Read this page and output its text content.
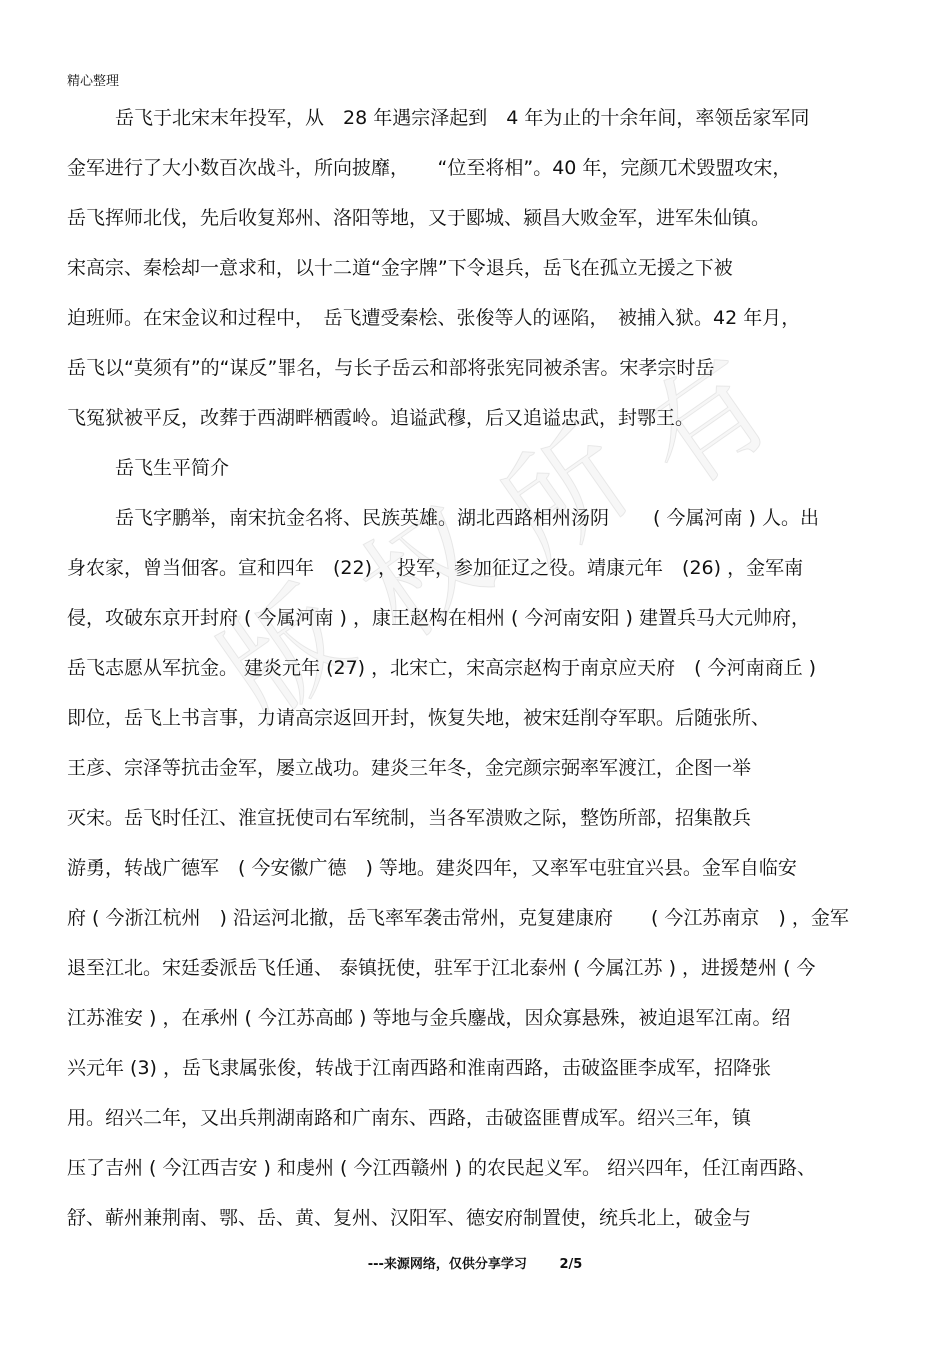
精心整理
版
权
所
有
岳飞于北宋末年投军，从　28 年遇宗泽起到　4 年为止的十余年间，率领岳家军同
金军进行了大小数百次战斗，所向披靡，　　“位至将相”。40 年，完颜兀术毁盟攻宋，
岳飞挥师北伐，先后收复郑州、洛阳等地，又于郾城、颍昌大败金军，进军朱仙镇。
宋高宗、秦桧却一意求和，以十二道“金字牌”下令退兵，岳飞在孤立无援之下被
迫班师。在宋金议和过程中，　岳飞遭受秦桧、张俊等人的诬陷，　被捕入狱。42 年月，
岳飞以“莫须有”的“谋反”罪名，与长子岳云和部将张宪同被杀害。宋孝宗时岳
飞冤狱被平反，改葬于西湖畔栖霞岭。追谥武穆，后又追谥忠武，封鄂王。
岳飞生平简介
岳飞字鹏举，南宋抗金名将、民族英雄。湖北西路相州汤阴　　 ( 今属河南 ) 人。出
身农家，曾当佃客。宣和四年　(22) ，投军，参加征辽之役。靖康元年　(26) ，金军南
侵，攻破东京开封府 ( 今属河南 ) ，康王赵构在相州 ( 今河南安阳 ) 建置兵马大元帅府，
岳飞志愿从军抗金。 建炎元年 (27) ，北宋亡，宋高宗赵构于南京应天府　( 今河南商丘 )
即位，岳飞上书言事，力请高宗返回开封，恢复失地，被宋廷削夺军职。后随张所、
王彦、宗泽等抗击金军，屡立战功。建炎三年冬，金完颜宗弼率军渡江，企图一举
灭宋。岳飞时任江、淮宣抚使司右军统制，当各军溃败之际，整饬所部，招集散兵
游勇，转战广德军　( 今安徽广德　) 等地。建炎四年，又率军屯驻宜兴县。金军自临安
府 ( 今浙江杭州　) 沿运河北撤，岳飞率军袭击常州，克复建康府　　( 今江苏南京　) ，金军
退至江北。宋廷委派岳飞任通、 泰镇抚使，驻军于江北泰州 ( 今属江苏 ) ，进援楚州 ( 今
江苏淮安 ) ，在承州 ( 今江苏高邮 ) 等地与金兵鏖战，因众寡悬殊，被迫退军江南。绍
兴元年 (3) ，岳飞隶属张俊，转战于江南西路和淮南西路，击破盗匪李成军，招降张
用。绍兴二年，又出兵荆湖南路和广南东、西路，击破盗匪曹成军。绍兴三年，镇
压了吉州 ( 今江西吉安 ) 和虔州 ( 今江西赣州 ) 的农民起义军。 绍兴四年，任江南西路、
舒、蕲州兼荆南、鄂、岳、黄、复州、汉阳军、德安府制置使，统兵北上，破金与
---来源网络，仅供分享学习	2/5
